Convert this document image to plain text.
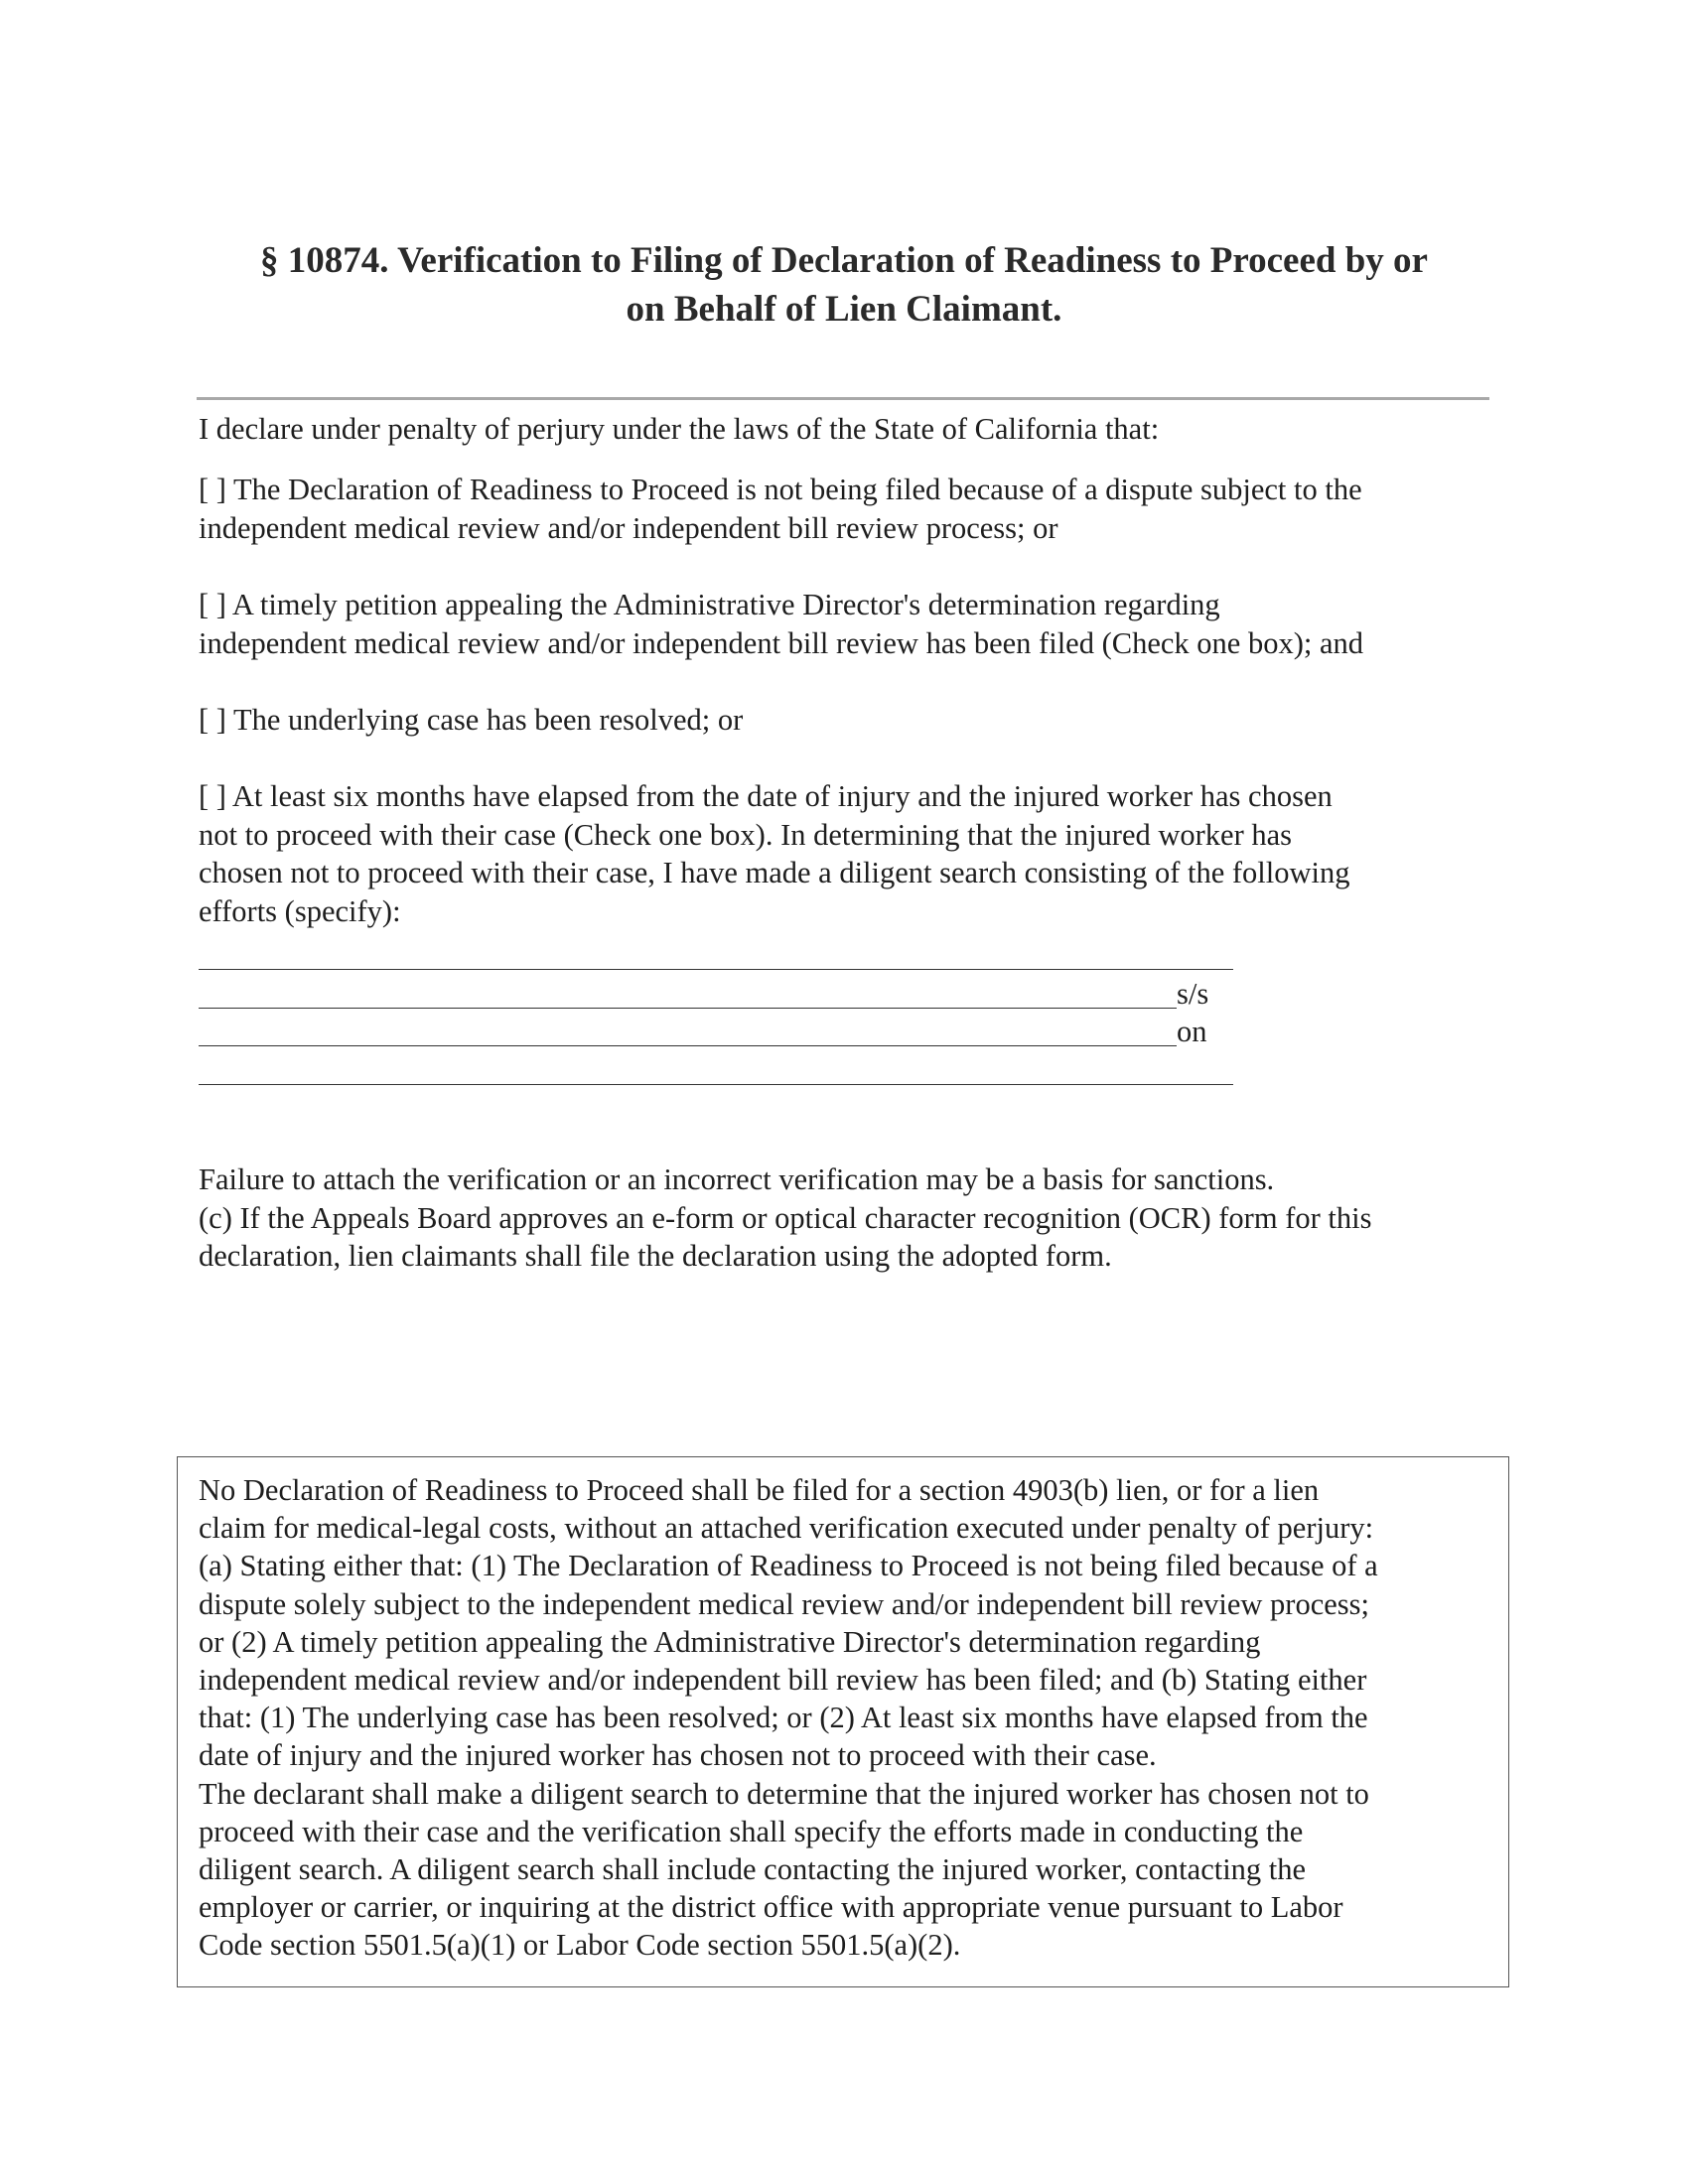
§ 10874. Verification to Filing of Declaration of Readiness to Proceed by or
on Behalf of Lien Claimant.
I declare under penalty of perjury under the laws of the State of California that:
[ ] The Declaration of Readiness to Proceed is not being filed because of a dispute subject to the
independent medical review and/or independent bill review process; or
[ ] A timely petition appealing the Administrative Director's determination regarding
independent medical review and/or independent bill review has been filed (Check one box); and
[ ] The underlying case has been resolved; or
[ ] At least six months have elapsed from the date of injury and the injured worker has chosen
not to proceed with their case (Check one box). In determining that the injured worker has
chosen not to proceed with their case, I have made a diligent search consisting of the following
efforts (specify):
s/s
on
Failure to attach the verification or an incorrect verification may be a basis for sanctions.
(c) If the Appeals Board approves an e-form or optical character recognition (OCR) form for this
declaration, lien claimants shall file the declaration using the adopted form.
No Declaration of Readiness to Proceed shall be filed for a section 4903(b) lien, or for a lien
claim for medical-legal costs, without an attached verification executed under penalty of perjury:
(a) Stating either that: (1) The Declaration of Readiness to Proceed is not being filed because of a
dispute solely subject to the independent medical review and/or independent bill review process;
or (2) A timely petition appealing the Administrative Director's determination regarding
independent medical review and/or independent bill review has been filed; and (b) Stating either
that: (1) The underlying case has been resolved; or (2) At least six months have elapsed from the
date of injury and the injured worker has chosen not to proceed with their case.
The declarant shall make a diligent search to determine that the injured worker has chosen not to
proceed with their case and the verification shall specify the efforts made in conducting the
diligent search. A diligent search shall include contacting the injured worker, contacting the
employer or carrier, or inquiring at the district office with appropriate venue pursuant to Labor
Code section 5501.5(a)(1) or Labor Code section 5501.5(a)(2).
